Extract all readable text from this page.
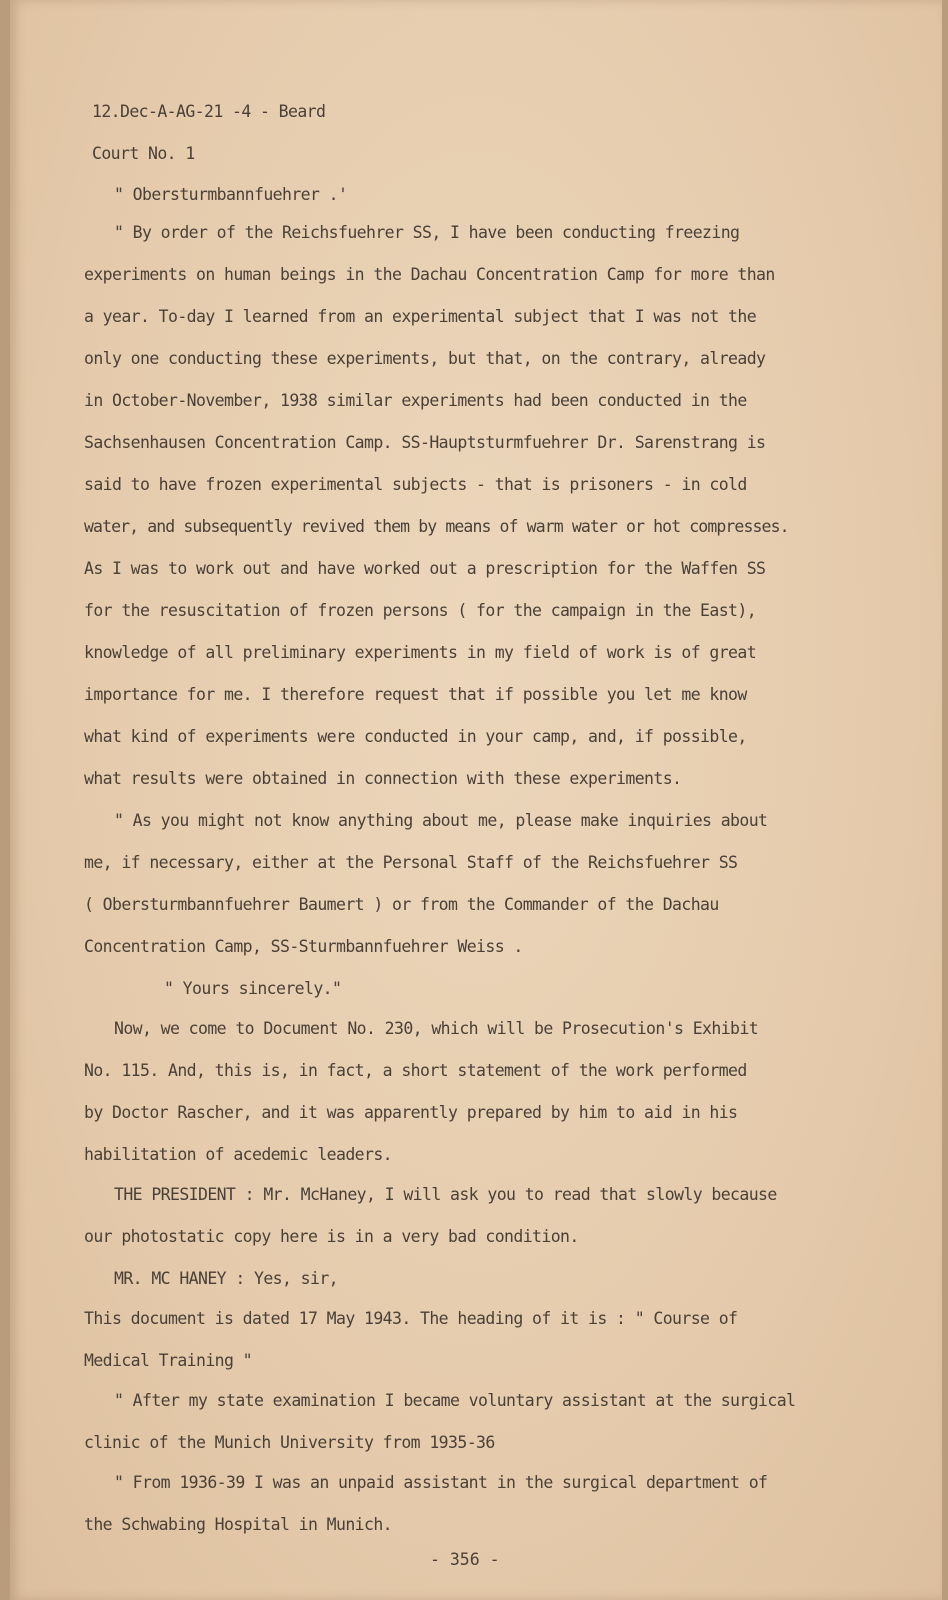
12.Dec-A-AG-21 -4 - Beard

Court No. 1

" Obersturmbannfuehrer .'

" By order of the Reichsfuehrer SS, I have been conducting freezing

experiments on human beings in the Dachau Concentration Camp for more than

a year. To-day I learned from an experimental subject that I was not the

only one conducting these experiments, but that, on the contrary, already

in October-November, 1938 similar experiments had been conducted in the

Sachsenhausen Concentration Camp. SS-Hauptsturmfuehrer Dr. Sarenstrang is

said to have frozen experimental subjects - that is prisoners - in cold

water, and subsequently revived them by means of warm water or hot compresses.

As I was to work out and have worked out a prescription for the Waffen SS

for the resuscitation of frozen persons ( for the campaign in the East),

knowledge of all preliminary experiments in my field of work is of great

importance for me. I therefore request that if possible you let me know

what kind of experiments were conducted in your camp, and, if possible,

what results were obtained in connection with these experiments.

" As you might not know anything about me, please make inquiries about

me, if necessary, either at the Personal Staff of the Reichsfuehrer SS

( Obersturmbannfuehrer Baumert ) or from the Commander of the Dachau

Concentration Camp, SS-Sturmbannfuehrer Weiss .

" Yours sincerely."

Now, we come to Document No. 230, which will be Prosecution's Exhibit

No. 115. And, this is, in fact, a short statement of the work performed

by Doctor Rascher, and it was apparently prepared by him to aid in his

habilitation of acedemic leaders.

THE PRESIDENT : Mr. McHaney, I will ask you to read that slowly because

our photostatic copy here is in a very bad condition.

MR. MC HANEY : Yes, sir,

This document is dated 17 May 1943. The heading of it is : " Course of

Medical Training "

" After my state examination I became voluntary assistant at the surgical

clinic of the Munich University from 1935-36

" From 1936-39 I was an unpaid assistant in the surgical department of

the Schwabing Hospital in Munich.

- 356 -
